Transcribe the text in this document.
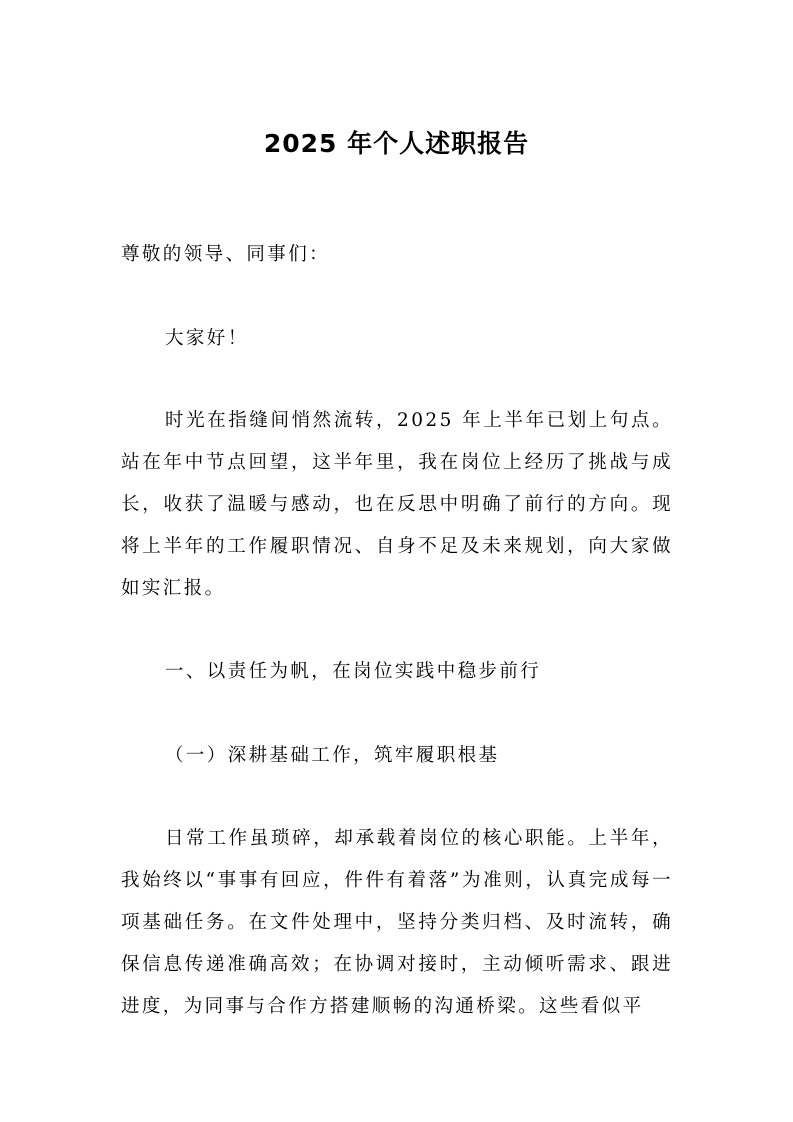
2025 年个人述职报告
尊敬的领导、同事们：
大家好！
时光在指缝间悄然流转，2025 年上半年已划上句点。站在年中节点回望，这半年里，我在岗位上经历了挑战与成长，收获了温暖与感动，也在反思中明确了前行的方向。现将上半年的工作履职情况、自身不足及未来规划，向大家做如实汇报。
一、以责任为帆，在岗位实践中稳步前行
（一）深耕基础工作，筑牢履职根基
日常工作虽琐碎，却承载着岗位的核心职能。上半年，我始终以“事事有回应，件件有着落”为准则，认真完成每一项基础任务。在文件处理中，坚持分类归档、及时流转，确保信息传递准确高效；在协调对接时，主动倾听需求、跟进进度，为同事与合作方搭建顺畅的沟通桥梁。这些看似平
